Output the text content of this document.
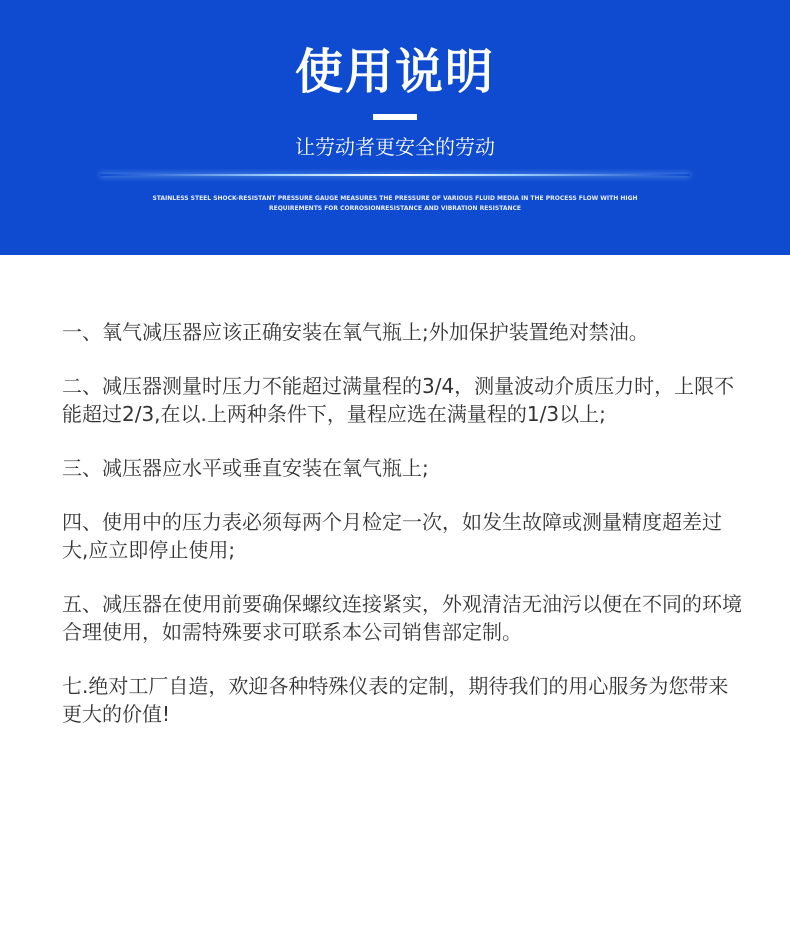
使用说明
让劳动者更安全的劳动
STAINLESS STEEL SHOCK-RESISTANT PRESSURE GAUGE MEASURES THE PRESSURE OF VARIOUS FLUID MEDIA IN THE PROCESS FLOW WITH HIGH
REQUIREMENTS FOR CORROSIONRESISTANCE AND VIBRATION RESISTANCE

一、氧气减压器应该正确安装在氧气瓶上;外加保护装置绝对禁油。

二、减压器测量时压力不能超过满量程的3/4，测量波动介质压力时，上限不能超过2/3,在以.上两种条件下，量程应选在满量程的1/3以上;

三、减压器应水平或垂直安装在氧气瓶上;

四、使用中的压力表必须每两个月检定一次，如发生故障或测量精度超差过大,应立即停止使用;

五、减压器在使用前要确保螺纹连接紧实，外观清洁无油污以便在不同的环境合理使用，如需特殊要求可联系本公司销售部定制。

七.绝对工厂自造，欢迎各种特殊仪表的定制，期待我们的用心服务为您带来更大的价值!
